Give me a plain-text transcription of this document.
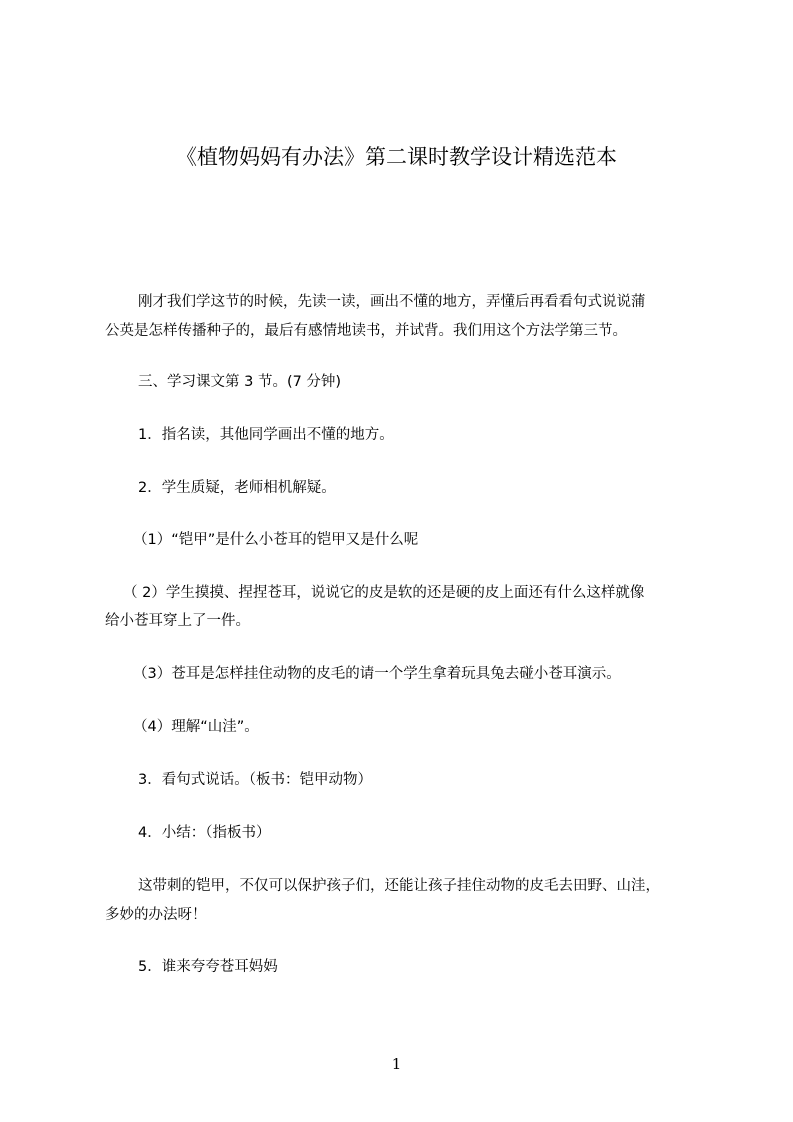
《植物妈妈有办法》第二课时教学设计精选范本
刚才我们学这节的时候，先读一读，画出不懂的地方，弄懂后再看看句式说说蒲
公英是怎样传播种子的，最后有感情地读书，并试背。我们用这个方法学第三节。
三、学习课文第 3 节。(7 分钟)
1．指名读，其他同学画出不懂的地方。
2．学生质疑，老师相机解疑。
（1）“铠甲”是什么小苍耳的铠甲又是什么呢
（ 2）学生摸摸、捏捏苍耳，说说它的皮是软的还是硬的皮上面还有什么这样就像
给小苍耳穿上了一件。
（3）苍耳是怎样挂住动物的皮毛的请一个学生拿着玩具兔去碰小苍耳演示。
（4）理解“山洼”。
3．看句式说话。（板书：铠甲动物）
4．小结：（指板书）
这带刺的铠甲，不仅可以保护孩子们，还能让孩子挂住动物的皮毛去田野、山洼，
多妙的办法呀！
5．谁来夸夸苍耳妈妈
1
